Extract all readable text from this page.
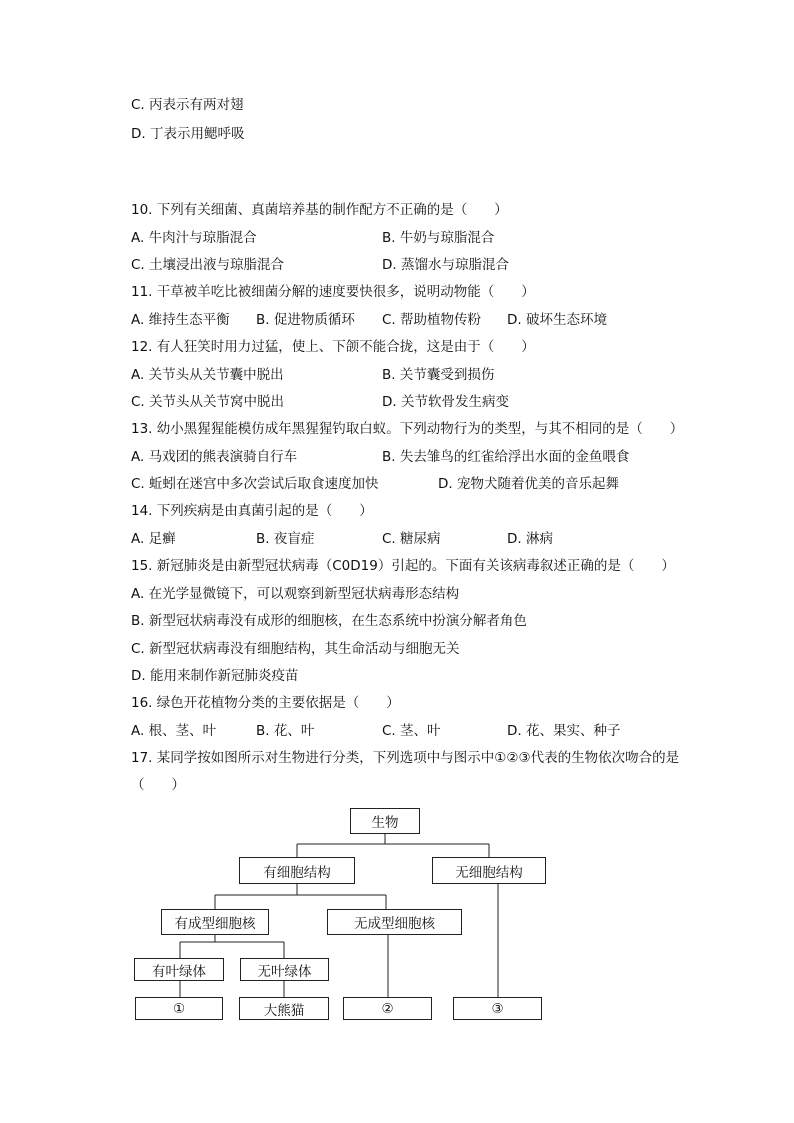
C. 丙表示有两对翅
D. 丁表示用鳃呼吸
10. 下列有关细菌、真菌培养基的制作配方不正确的是（　　）
A. 牛肉汁与琼脂混合	B. 牛奶与琼脂混合
C. 土壤浸出液与琼脂混合	D. 蒸馏水与琼脂混合
11. 干草被羊吃比被细菌分解的速度要快很多，说明动物能（　　）
A. 维持生态平衡 B. 促进物质循环 C. 帮助植物传粉 D. 破坏生态环境
12. 有人狂笑时用力过猛，使上、下颌不能合拢，这是由于（　　）
A. 关节头从关节囊中脱出	B. 关节囊受到损伤
C. 关节头从关节窝中脱出	D. 关节软骨发生病变
13. 幼小黑猩猩能模仿成年黑猩猩钓取白蚁。下列动物行为的类型，与其不相同的是（　　）
A. 马戏团的熊表演骑自行车	B. 失去雏鸟的红雀给浮出水面的金鱼喂食
C. 蚯蚓在迷宫中多次尝试后取食速度加快	D. 宠物犬随着优美的音乐起舞
14. 下列疾病是由真菌引起的是（　　）
A. 足癣	B. 夜盲症	C. 糖尿病	D. 淋病
15. 新冠肺炎是由新型冠状病毒（C0D19）引起的。下面有关该病毒叙述正确的是（　　）
A. 在光学显微镜下，可以观察到新型冠状病毒形态结构
B. 新型冠状病毒没有成形的细胞核，在生态系统中扮演分解者角色
C. 新型冠状病毒没有细胞结构，其生命活动与细胞无关
D. 能用来制作新冠肺炎疫苗
16. 绿色开花植物分类的主要依据是（　　）
A. 根、茎、叶	B. 花、叶	C. 茎、叶	D. 花、果实、种子
17. 某同学按如图所示对生物进行分类，下列选项中与图示中①②③代表的生物依次吻合的是
（　　）
生物
有细胞结构	无细胞结构
有成型细胞核	无成型细胞核
有叶绿体	无叶绿体
①	大熊猫	②	③
